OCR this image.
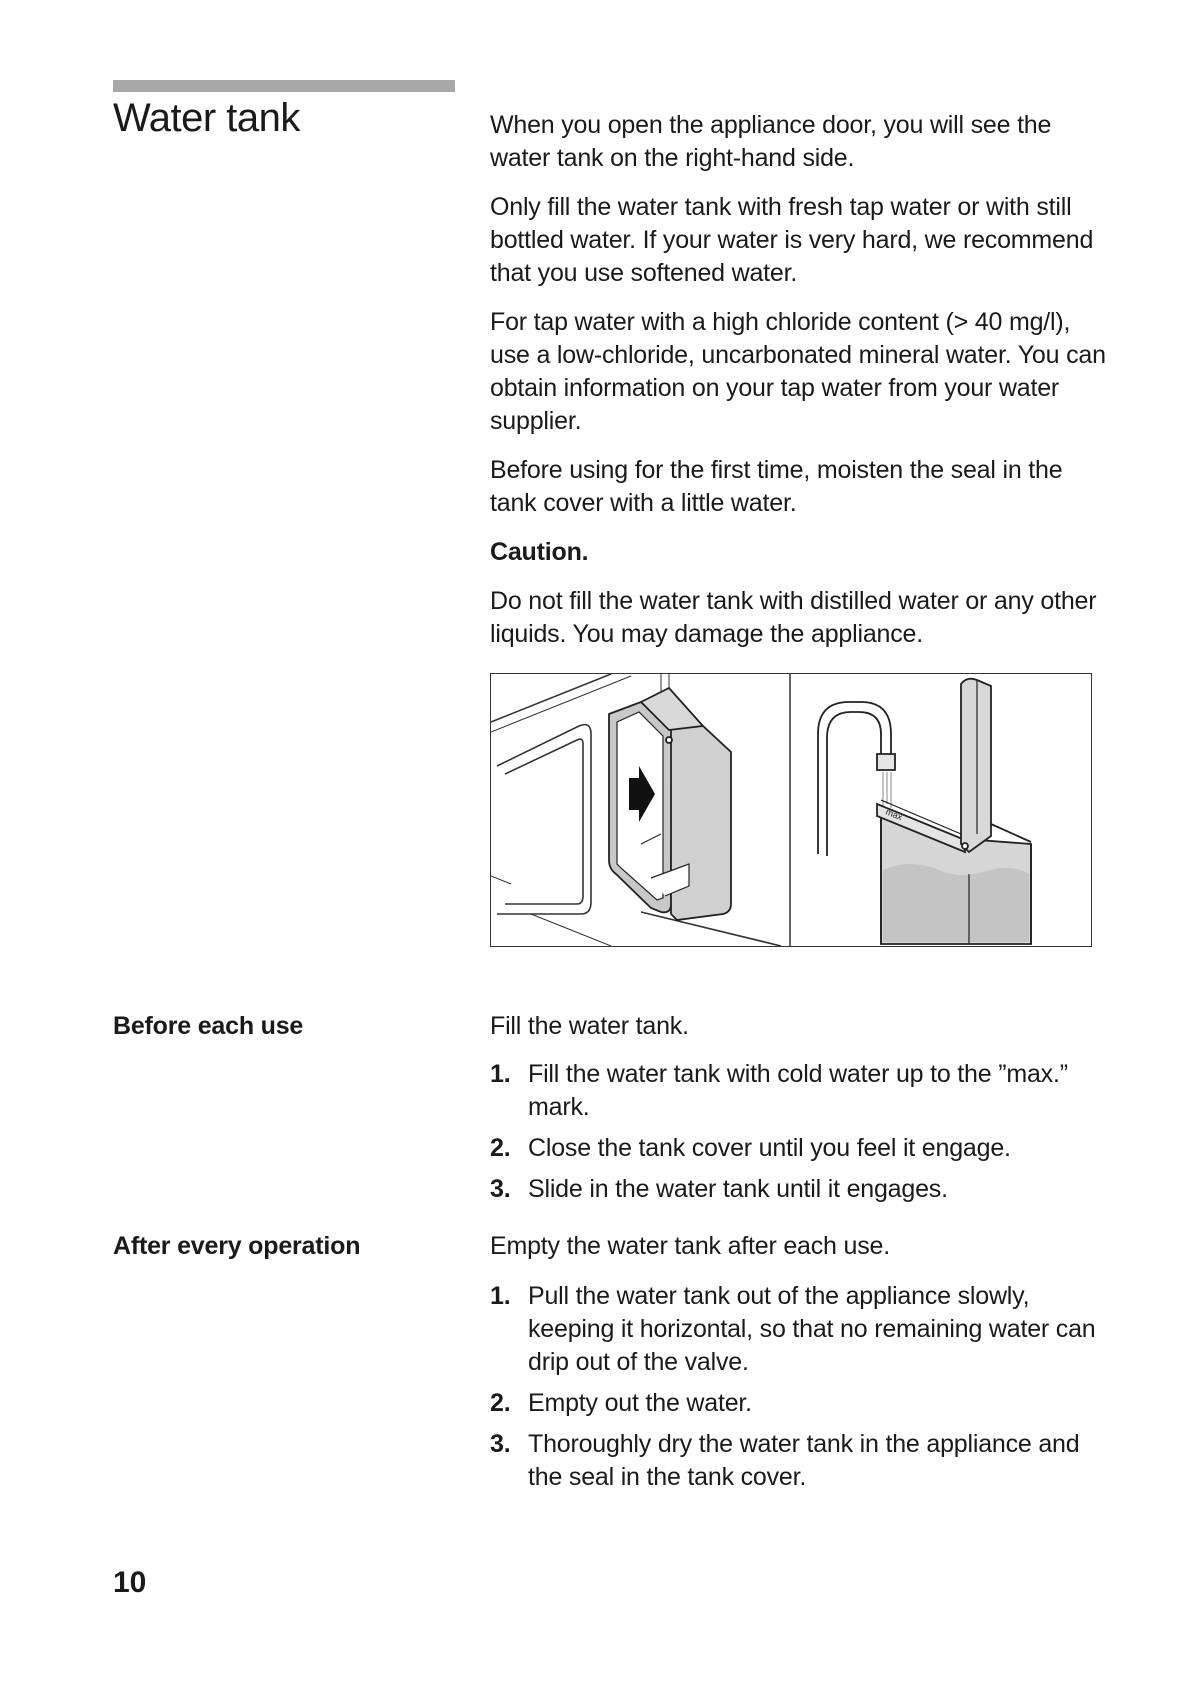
Water tank	When you open the appliance door, you will see the water tank on the right-hand side.

Only fill the water tank with fresh tap water or with still bottled water. If your water is very hard, we recommend that you use softened water.

For tap water with a high chloride content (> 40 mg/l), use a low-chloride, uncarbonated mineral water. You can obtain information on your tap water from your water supplier.

Before using for the first time, moisten the seal in the tank cover with a little water.

Caution.

Do not fill the water tank with distilled water or any other liquids. You may damage the appliance.

max
Before each use	Fill the water tank.
1. Fill the water tank with cold water up to the ”max.” mark.
2. Close the tank cover until you feel it engage.
3. Slide in the water tank until it engages.
After every operation	Empty the water tank after each use.
1. Pull the water tank out of the appliance slowly, keeping it horizontal, so that no remaining water can drip out of the valve.
2. Empty out the water.
3. Thoroughly dry the water tank in the appliance and the seal in the tank cover.
10
